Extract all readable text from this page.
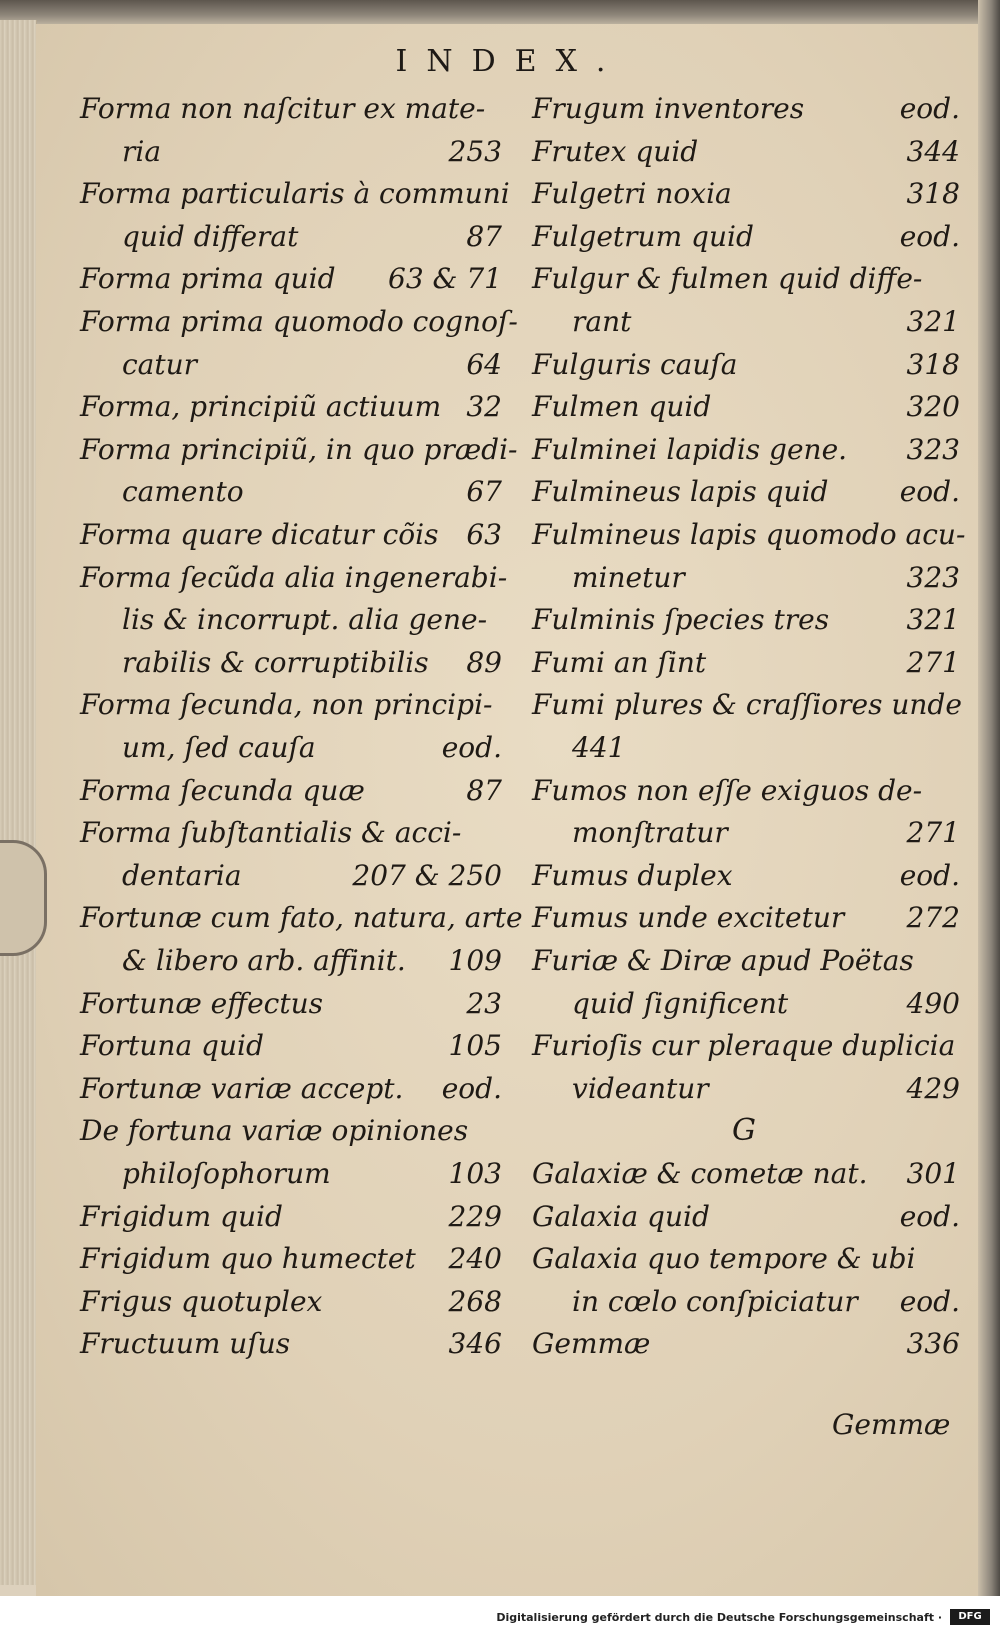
INDEX.
Forma non naſcitur ex mate-
ria	253
Forma particularis à communi
quid differat	87
Forma prima quid 63 & 71
Forma prima quomodo cognoſ-
catur	64
Forma, principiũ actiuum 32
Forma principiũ, in quo prædi-
camento	67
Forma quare dicatur cõis 63
Forma ſecũda alia ingenerabi-
lis & incorrupt. alia gene-
rabilis & corruptibilis 89
Forma ſecunda, non principi-
um, ſed cauſa	eod.
Forma ſecunda quæ	87
Forma ſubſtantialis & acci-
dentaria	207 & 250
Fortunæ cum fato, natura, arte
& libero arb. affinit. 109
Fortunæ effectus	23
Fortuna quid	105
Fortunæ variæ accept. eod.
De fortuna variæ opiniones
philoſophorum	103
Frigidum quid	229
Frigidum quo humectet 240
Frigus quotuplex	268
Fructuum uſus	346
Frugum inventores	eod.
Frutex quid	344
Fulgetri noxia	318
Fulgetrum quid	eod.
Fulgur & fulmen quid diffe-
rant	321
Fulguris cauſa	318
Fulmen quid	320
Fulminei lapidis gene. 323
Fulmineus lapis quid	eod.
Fulmineus lapis quomodo acu-
minetur	323
Fulminis ſpecies tres	321
Fumi an ſint	271
Fumi plures & craſſiores unde
441
Fumos non eſſe exiguos de-
monſtratur	271
Fumus duplex	eod.
Fumus unde excitetur 272
Furiæ & Diræ apud Poëtas
quid ſignificent	490
Furioſis cur pleraque duplicia
videantur	429
G
Galaxiæ & cometæ nat. 301
Galaxia quid	eod.
Galaxia quo tempore & ubi
in cœlo conſpiciatur eod.
Gemmæ	336
Gemmæ
Digitalisierung gefördert durch die Deutsche Forschungsgemeinschaft ·	DFG
